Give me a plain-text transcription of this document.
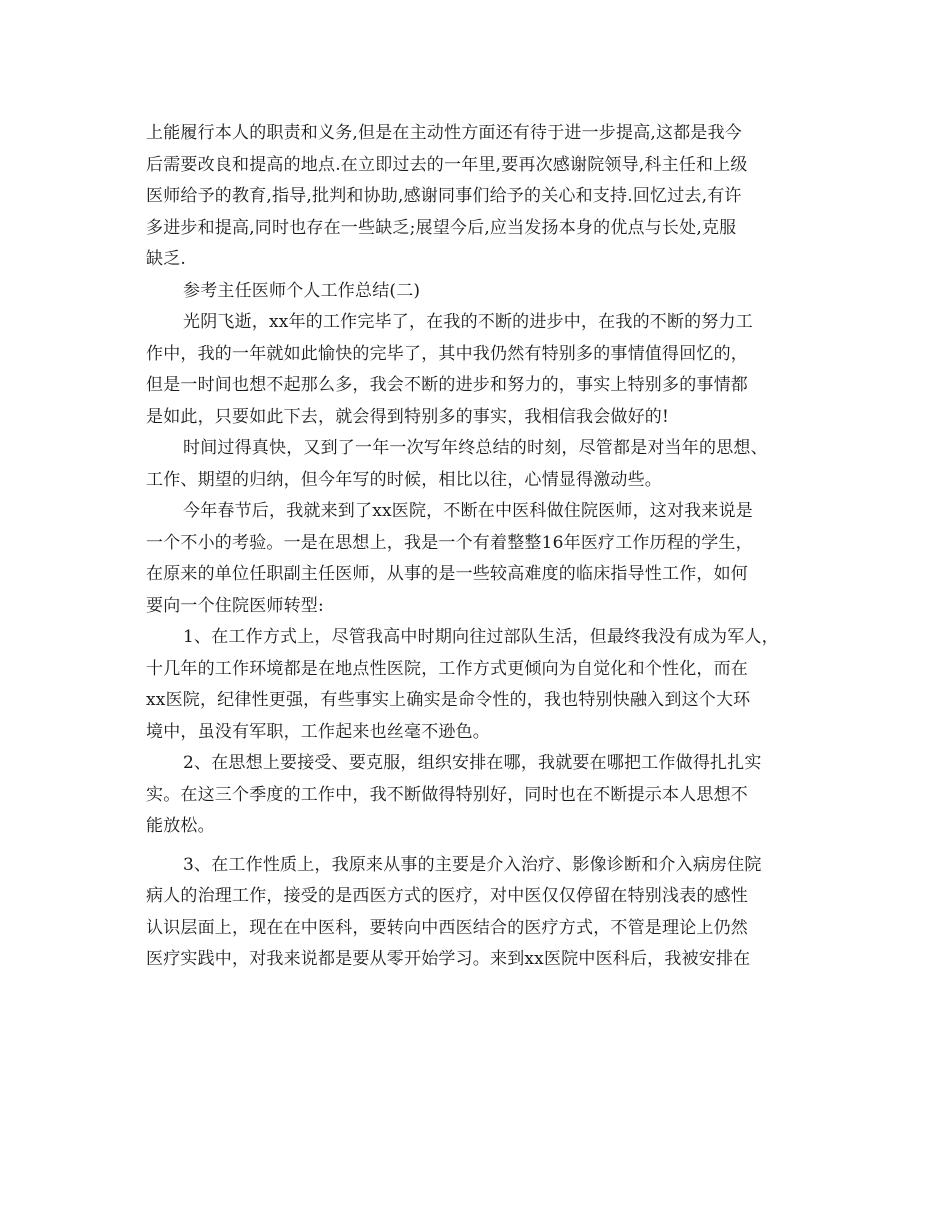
上能履行本人的职责和义务,但是在主动性方面还有待于进一步提高,这都是我今
后需要改良和提高的地点.在立即过去的一年里,要再次感谢院领导,科主任和上级
医师给予的教育,指导,批判和协助,感谢同事们给予的关心和支持.回忆过去,有许
多进步和提高,同时也存在一些缺乏;展望今后,应当发扬本身的优点与长处,克服
缺乏.
参考主任医师个人工作总结(二)
光阴飞逝，xx年的工作完毕了，在我的不断的进步中，在我的不断的努力工
作中，我的一年就如此愉快的完毕了，其中我仍然有特别多的事情值得回忆的，
但是一时间也想不起那么多，我会不断的进步和努力的，事实上特别多的事情都
是如此，只要如此下去，就会得到特别多的事实，我相信我会做好的!
时间过得真快，又到了一年一次写年终总结的时刻，尽管都是对当年的思想、
工作、期望的归纳，但今年写的时候，相比以往，心情显得激动些。
今年春节后，我就来到了xx医院，不断在中医科做住院医师，这对我来说是
一个不小的考验。一是在思想上，我是一个有着整整16年医疗工作历程的学生，
在原来的单位任职副主任医师，从事的是一些较高难度的临床指导性工作，如何
要向一个住院医师转型:
1、在工作方式上，尽管我高中时期向往过部队生活，但最终我没有成为军人，
十几年的工作环境都是在地点性医院，工作方式更倾向为自觉化和个性化，而在
xx医院，纪律性更强，有些事实上确实是命令性的，我也特别快融入到这个大环
境中，虽没有军职，工作起来也丝毫不逊色。
2、在思想上要接受、要克服，组织安排在哪，我就要在哪把工作做得扎扎实
实。在这三个季度的工作中，我不断做得特别好，同时也在不断提示本人思想不
能放松。
3、在工作性质上，我原来从事的主要是介入治疗、影像诊断和介入病房住院
病人的治理工作，接受的是西医方式的医疗，对中医仅仅停留在特别浅表的感性
认识层面上，现在在中医科，要转向中西医结合的医疗方式，不管是理论上仍然
医疗实践中，对我来说都是要从零开始学习。来到xx医院中医科后，我被安排在
